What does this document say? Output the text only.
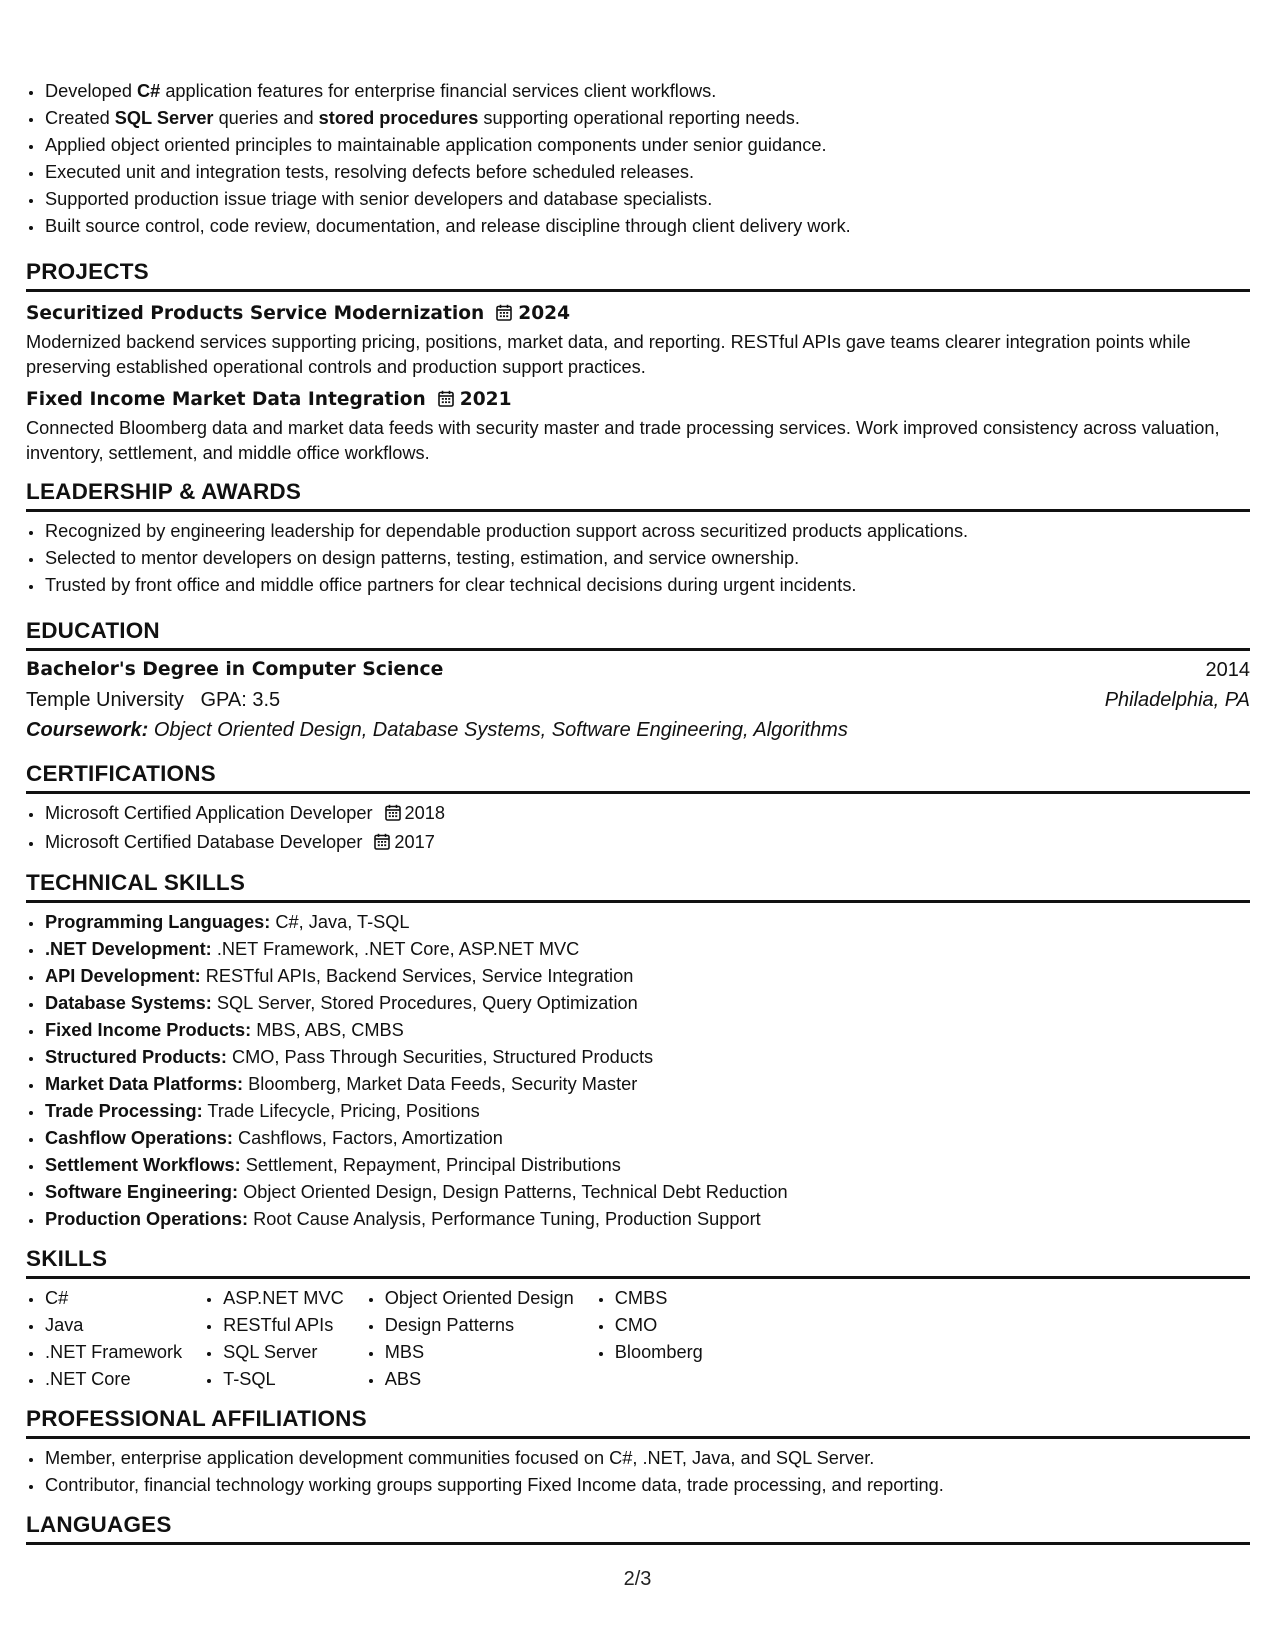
• Developed C# application features for enterprise financial services client workflows.
• Created SQL Server queries and stored procedures supporting operational reporting needs.
• Applied object oriented principles to maintainable application components under senior guidance.
• Executed unit and integration tests, resolving defects before scheduled releases.
• Supported production issue triage with senior developers and database specialists.
• Built source control, code review, documentation, and release discipline through client delivery work.
PROJECTS
Securitized Products Service Modernization 2024
Modernized backend services supporting pricing, positions, market data, and reporting. RESTful APIs gave teams clearer integration points while preserving established operational controls and production support practices.
Fixed Income Market Data Integration 2021
Connected Bloomberg data and market data feeds with security master and trade processing services. Work improved consistency across valuation, inventory, settlement, and middle office workflows.
LEADERSHIP & AWARDS
• Recognized by engineering leadership for dependable production support across securitized products applications.
• Selected to mentor developers on design patterns, testing, estimation, and service ownership.
• Trusted by front office and middle office partners for clear technical decisions during urgent incidents.
EDUCATION
Bachelor's Degree in Computer Science	2014
Temple University GPA: 3.5	Philadelphia, PA
Coursework: Object Oriented Design, Database Systems, Software Engineering, Algorithms
CERTIFICATIONS
• Microsoft Certified Application Developer 2018
• Microsoft Certified Database Developer 2017
TECHNICAL SKILLS
• Programming Languages: C#, Java, T-SQL
• .NET Development: .NET Framework, .NET Core, ASP.NET MVC
• API Development: RESTful APIs, Backend Services, Service Integration
• Database Systems: SQL Server, Stored Procedures, Query Optimization
• Fixed Income Products: MBS, ABS, CMBS
• Structured Products: CMO, Pass Through Securities, Structured Products
• Market Data Platforms: Bloomberg, Market Data Feeds, Security Master
• Trade Processing: Trade Lifecycle, Pricing, Positions
• Cashflow Operations: Cashflows, Factors, Amortization
• Settlement Workflows: Settlement, Repayment, Principal Distributions
• Software Engineering: Object Oriented Design, Design Patterns, Technical Debt Reduction
• Production Operations: Root Cause Analysis, Performance Tuning, Production Support
SKILLS
• C#
• Java
• .NET Framework
• .NET Core
• ASP.NET MVC
• RESTful APIs
• SQL Server
• T-SQL
• Object Oriented Design
• Design Patterns
• MBS
• ABS
• CMBS
• CMO
• Bloomberg
PROFESSIONAL AFFILIATIONS
• Member, enterprise application development communities focused on C#, .NET, Java, and SQL Server.
• Contributor, financial technology working groups supporting Fixed Income data, trade processing, and reporting.
LANGUAGES
2/3
